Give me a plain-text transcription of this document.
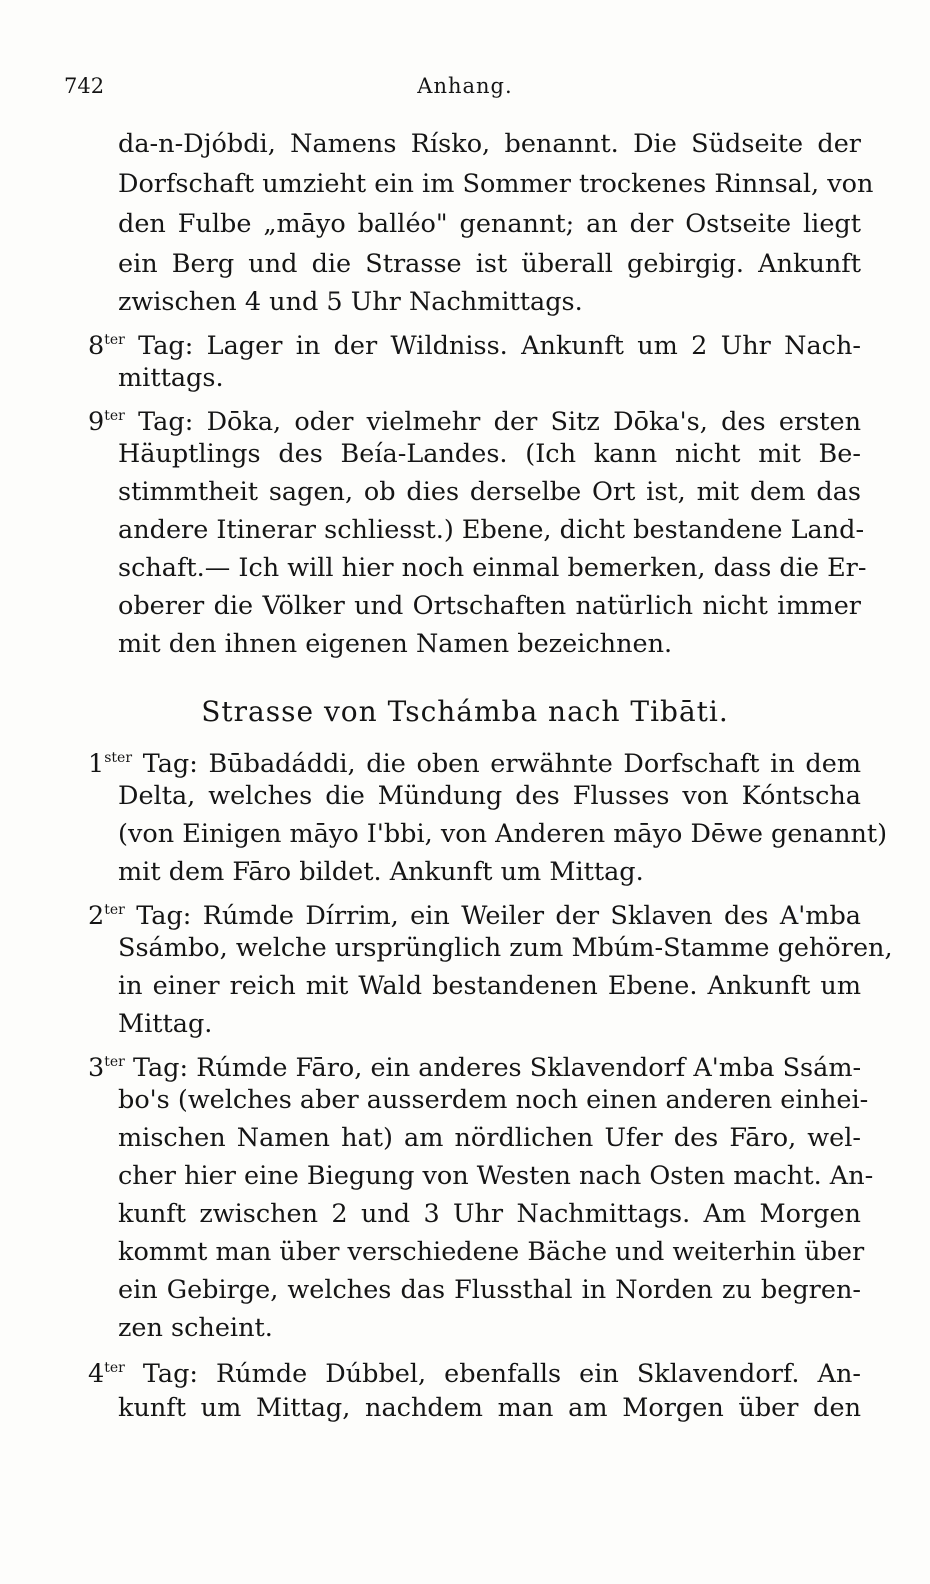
742	Anhang.
da-n-Djóbdi, Namens Rísko, benannt. Die Südseite der
Dorfschaft umzieht ein im Sommer trockenes Rinnsal, von
den Fulbe „māyo balléo" genannt; an der Ostseite liegt
ein Berg und die Strasse ist überall gebirgig. Ankunft
zwischen 4 und 5 Uhr Nachmittags.
$8^{ter}$ Tag: Lager in der Wildniss. Ankunft um 2 Uhr Nach-
mittags.
$9^{ter}$ Tag: Dōka, oder vielmehr der Sitz Dōka's, des ersten
Häuptlings des Beía-Landes. (Ich kann nicht mit Be-
stimmtheit sagen, ob dies derselbe Ort ist, mit dem das
andere Itinerar schliesst.) Ebene, dicht bestandene Land-
schaft.— Ich will hier noch einmal bemerken, dass die Er-
oberer die Völker und Ortschaften natürlich nicht immer
mit den ihnen eigenen Namen bezeichnen.
Strasse von Tschámba nach Tibāti.
$1^{ster}$ Tag: Būbadáddi, die oben erwähnte Dorfschaft in dem
Delta, welches die Mündung des Flusses von Kóntscha
(von Einigen māyo I'bbi, von Anderen māyo Dēwe genannt)
mit dem Fāro bildet. Ankunft um Mittag.
$2^{ter}$ Tag: Rúmde Dírrim, ein Weiler der Sklaven des A'mba
Ssámbo, welche ursprünglich zum Mbúm-Stamme gehören,
in einer reich mit Wald bestandenen Ebene. Ankunft um
Mittag.
$3^{ter}$ Tag: Rúmde Fāro, ein anderes Sklavendorf A'mba Ssám-
bo's (welches aber ausserdem noch einen anderen einhei-
mischen Namen hat) am nördlichen Ufer des Fāro, wel-
cher hier eine Biegung von Westen nach Osten macht. An-
kunft zwischen 2 und 3 Uhr Nachmittags. Am Morgen
kommt man über verschiedene Bäche und weiterhin über
ein Gebirge, welches das Flussthal in Norden zu begren-
zen scheint.
$4^{ter}$ Tag: Rúmde Dúbbel, ebenfalls ein Sklavendorf. An-
kunft um Mittag, nachdem man am Morgen über den
